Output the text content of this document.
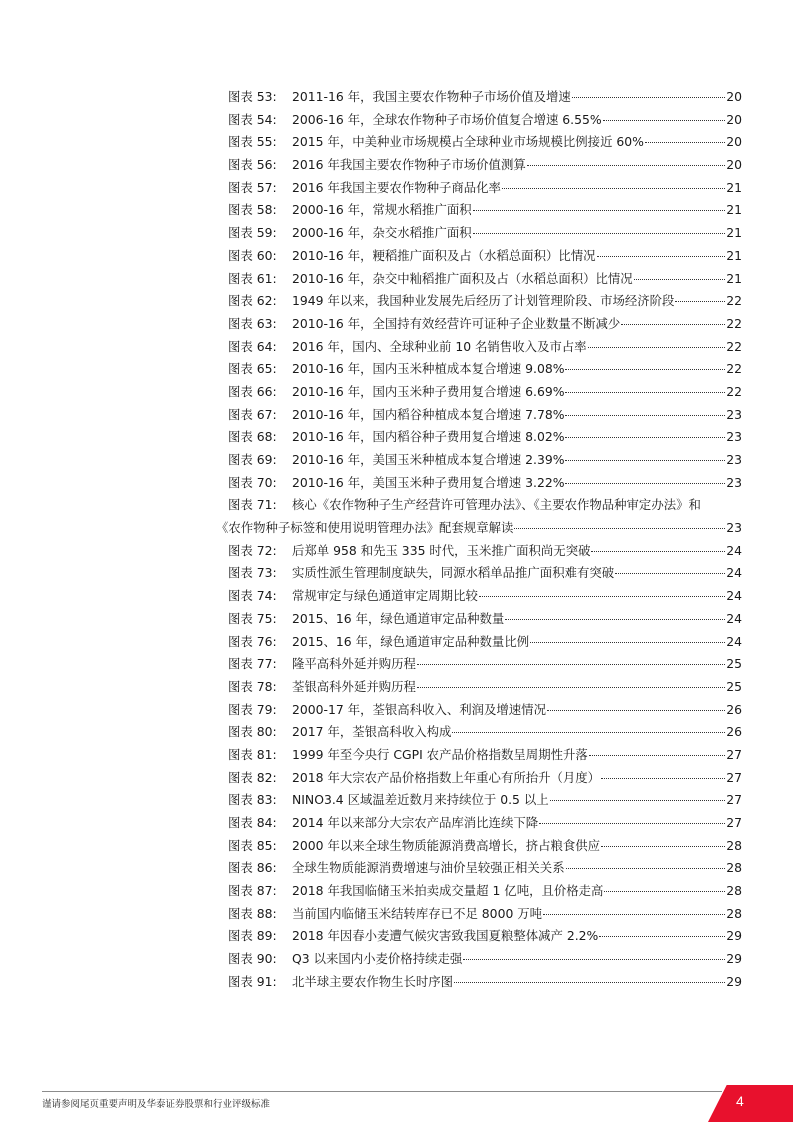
图表 53:	2011-16 年，我国主要农作物种子市场价值及增速	20
图表 54:	2006-16 年，全球农作物种子市场价值复合增速 6.55%	20
图表 55:	2015 年，中美种业市场规模占全球种业市场规模比例接近 60%	20
图表 56:	2016 年我国主要农作物种子市场价值测算	20
图表 57:	2016 年我国主要农作物种子商品化率	21
图表 58:	2000-16 年，常规水稻推广面积	21
图表 59:	2000-16 年，杂交水稻推广面积	21
图表 60:	2010-16 年，粳稻推广面积及占（水稻总面积）比情况	21
图表 61:	2010-16 年，杂交中籼稻推广面积及占（水稻总面积）比情况	21
图表 62:	1949 年以来，我国种业发展先后经历了计划管理阶段、市场经济阶段	22
图表 63:	2010-16 年，全国持有效经营许可证种子企业数量不断减少	22
图表 64:	2016 年，国内、全球种业前 10 名销售收入及市占率	22
图表 65:	2010-16 年，国内玉米种植成本复合增速 9.08%	22
图表 66:	2010-16 年，国内玉米种子费用复合增速 6.69%	22
图表 67:	2010-16 年，国内稻谷种植成本复合增速 7.78%	23
图表 68:	2010-16 年，国内稻谷种子费用复合增速 8.02%	23
图表 69:	2010-16 年，美国玉米种植成本复合增速 2.39%	23
图表 70:	2010-16 年，美国玉米种子费用复合增速 3.22%	23
图表 71:	核心《农作物种子生产经营许可管理办法》、《主要农作物品种审定办法》和
《农作物种子标签和使用说明管理办法》配套规章解读	23
图表 72:	后郑单 958 和先玉 335 时代，玉米推广面积尚无突破	24
图表 73:	实质性派生管理制度缺失，同源水稻单品推广面积难有突破	24
图表 74:	常规审定与绿色通道审定周期比较	24
图表 75:	2015、16 年，绿色通道审定品种数量	24
图表 76:	2015、16 年，绿色通道审定品种数量比例	24
图表 77:	隆平高科外延并购历程	25
图表 78:	荃银高科外延并购历程	25
图表 79:	2000-17 年，荃银高科收入、利润及增速情况	26
图表 80:	2017 年，荃银高科收入构成	26
图表 81:	1999 年至今央行 CGPI 农产品价格指数呈周期性升落	27
图表 82:	2018 年大宗农产品价格指数上年重心有所抬升（月度）	27
图表 83:	NINO3.4 区域温差近数月来持续位于 0.5 以上	27
图表 84:	2014 年以来部分大宗农产品库消比连续下降	27
图表 85:	2000 年以来全球生物质能源消费高增长，挤占粮食供应	28
图表 86:	全球生物质能源消费增速与油价呈较强正相关关系	28
图表 87:	2018 年我国临储玉米拍卖成交量超 1 亿吨，且价格走高	28
图表 88:	当前国内临储玉米结转库存已不足 8000 万吨	28
图表 89:	2018 年因春小麦遭气候灾害致我国夏粮整体减产 2.2%	29
图表 90:	Q3 以来国内小麦价格持续走强	29
图表 91:	北半球主要农作物生长时序图	29
谨请参阅尾页重要声明及华泰证券股票和行业评级标准	4
